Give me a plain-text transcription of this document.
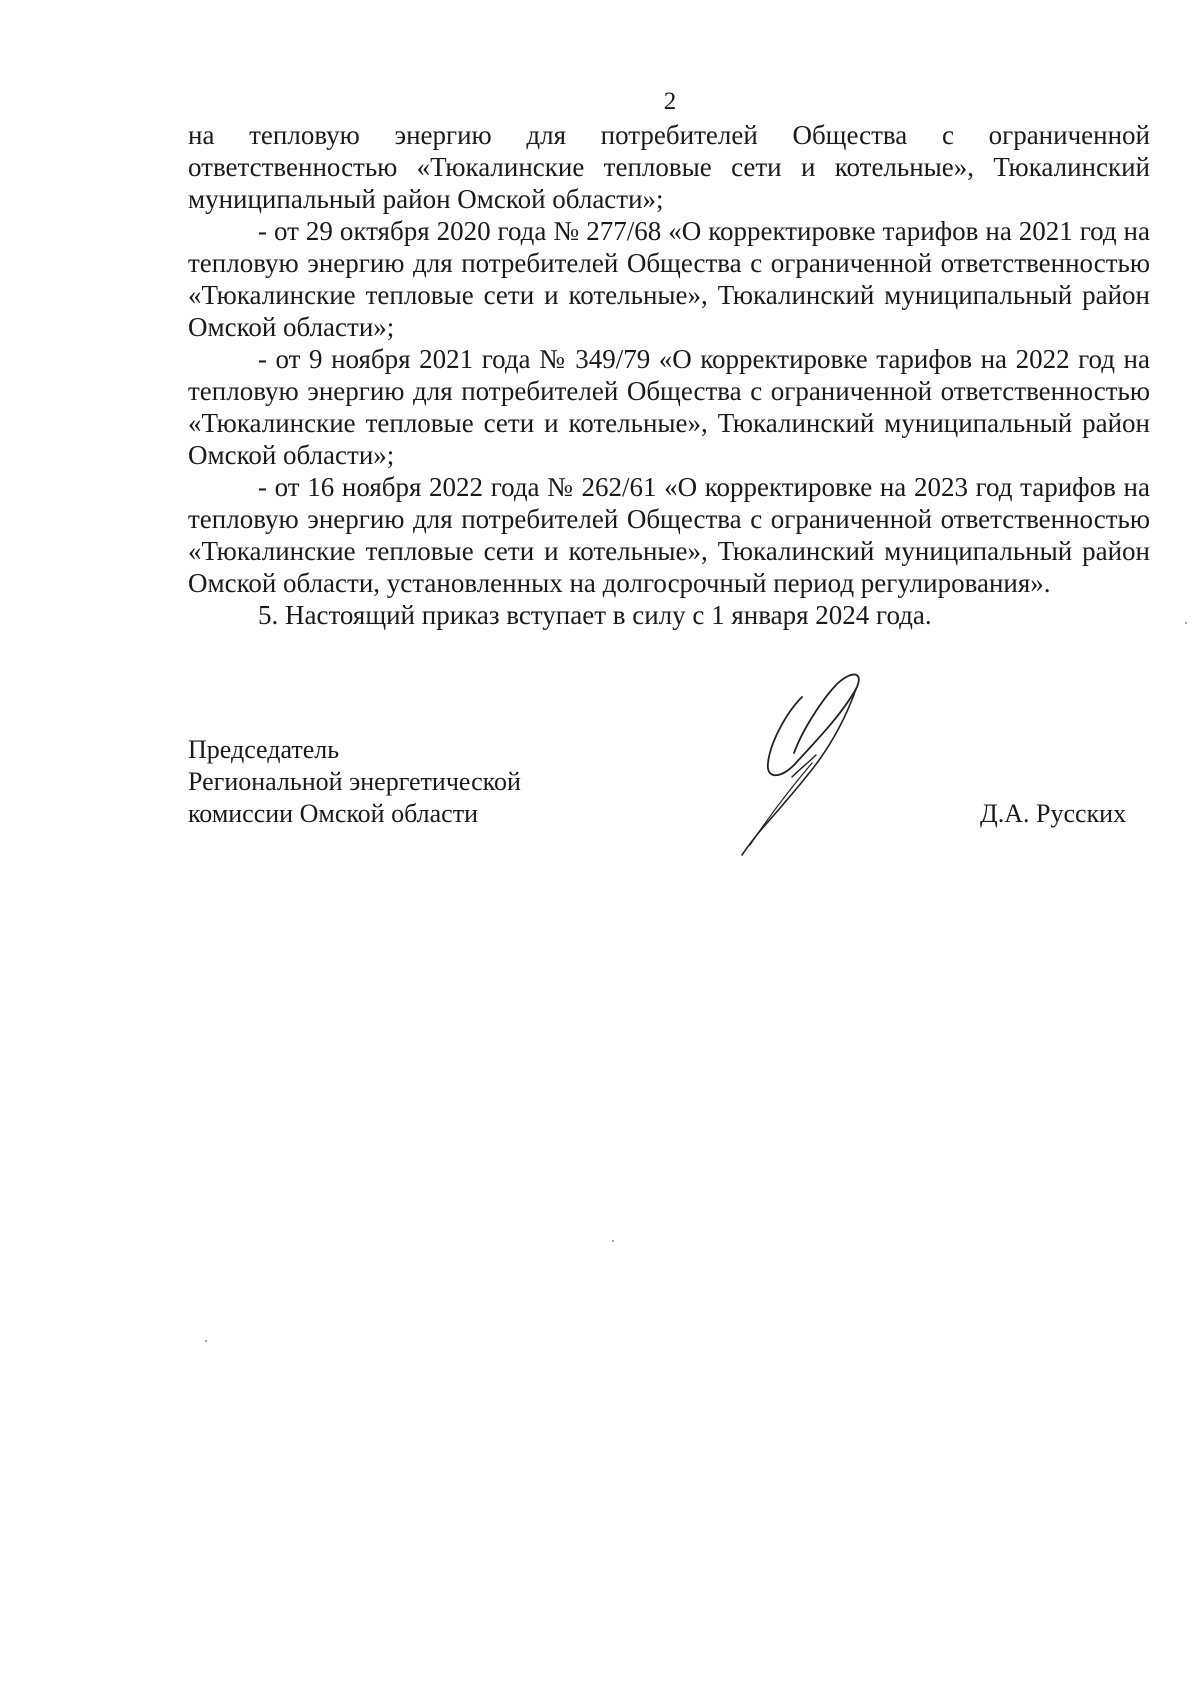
2

на тепловую энергию для потребителей Общества с ограниченной ответственностью «Тюкалинские тепловые сети и котельные», Тюкалинский муниципальный район Омской области»;

- от 29 октября 2020 года № 277/68 «О корректировке тарифов на 2021 год на тепловую энергию для потребителей Общества с ограниченной ответственностью «Тюкалинские тепловые сети и котельные», Тюкалинский муниципальный район Омской области»;

- от 9 ноября 2021 года № 349/79 «О корректировке тарифов на 2022 год на тепловую энергию для потребителей Общества с ограниченной ответственностью «Тюкалинские тепловые сети и котельные», Тюкалинский муниципальный район Омской области»;

- от 16 ноября 2022 года № 262/61 «О корректировке на 2023 год тарифов на тепловую энергию для потребителей Общества с ограниченной ответственностью «Тюкалинские тепловые сети и котельные», Тюкалинский муниципальный район Омской области, установленных на долгосрочный период регулирования».

5. Настоящий приказ вступает в силу с 1 января 2024 года.

Председатель
Региональной энергетической
комиссии Омской области	Д.А. Русских
